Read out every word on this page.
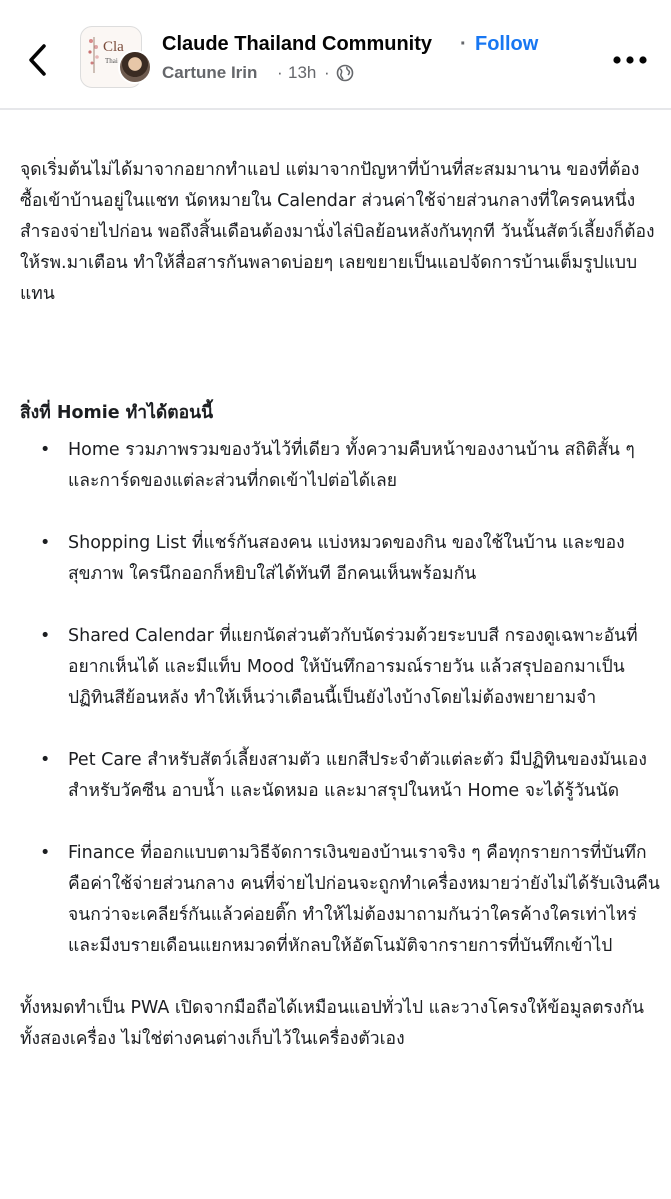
Cla
Thai
Claude Thailand Community · Follow
Cartune Irin · 13h ·

จุดเริ่มต้นไม่ได้มาจากอยากทำแอป แต่มาจากปัญหาที่บ้านที่สะสมมานาน ของที่ต้องซื้อเข้าบ้านอยู่ในแชท นัดหมายใน Calendar ส่วนค่าใช้จ่ายส่วนกลางที่ใครคนหนึ่งสำรองจ่ายไปก่อน พอถึงสิ้นเดือนต้องมานั่งไล่บิลย้อนหลังกันทุกที วันนั้นสัตว์เลี้ยงก็ต้องให้รพ.มาเตือน ทำให้สื่อสารกันพลาดบ่อยๆ เลยขยายเป็นแอปจัดการบ้านเต็มรูปแบบแทน

สิ่งที่ Homie ทำได้ตอนนี้

• Home รวมภาพรวมของวันไว้ที่เดียว ทั้งความคืบหน้าของงานบ้าน สถิติสั้น ๆ และการ์ดของแต่ละส่วนที่กดเข้าไปต่อได้เลย
• Shopping List ที่แชร์กันสองคน แบ่งหมวดของกิน ของใช้ในบ้าน และของสุขภาพ ใครนึกออกก็หยิบใส่ได้ทันที อีกคนเห็นพร้อมกัน
• Shared Calendar ที่แยกนัดส่วนตัวกับนัดร่วมด้วยระบบสี กรองดูเฉพาะอันที่อยากเห็นได้ และมีแท็บ Mood ให้บันทึกอารมณ์รายวัน แล้วสรุปออกมาเป็นปฏิทินสีย้อนหลัง ทำให้เห็นว่าเดือนนี้เป็นยังไงบ้างโดยไม่ต้องพยายามจำ
• Pet Care สำหรับสัตว์เลี้ยงสามตัว แยกสีประจำตัวแต่ละตัว มีปฏิทินของมันเองสำหรับวัคซีน อาบน้ำ และนัดหมอ และมาสรุปในหน้า Home จะได้รู้วันนัด
• Finance ที่ออกแบบตามวิธีจัดการเงินของบ้านเราจริง ๆ คือทุกรายการที่บันทึกคือค่าใช้จ่ายส่วนกลาง คนที่จ่ายไปก่อนจะถูกทำเครื่องหมายว่ายังไม่ได้รับเงินคืน จนกว่าจะเคลียร์กันแล้วค่อยติ๊ก ทำให้ไม่ต้องมาถามกันว่าใครค้างใครเท่าไหร่ และมีงบรายเดือนแยกหมวดที่หักลบให้อัตโนมัติจากรายการที่บันทึกเข้าไป

ทั้งหมดทำเป็น PWA เปิดจากมือถือได้เหมือนแอปทั่วไป และวางโครงให้ข้อมูลตรงกันทั้งสองเครื่อง ไม่ใช่ต่างคนต่างเก็บไว้ในเครื่องตัวเอง
